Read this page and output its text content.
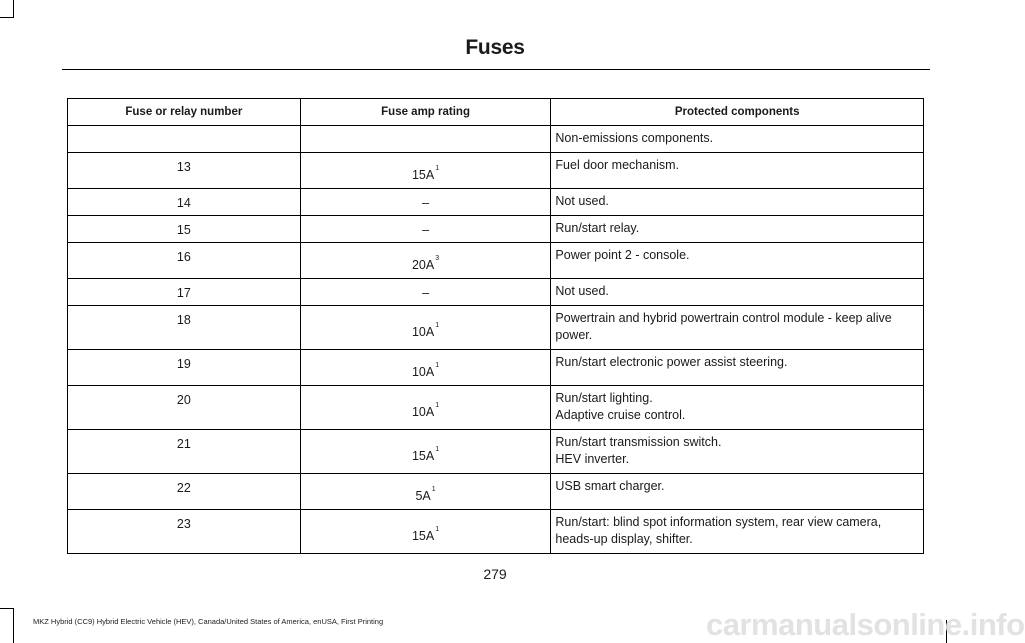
Fuses
Fuse or relay number	Fuse amp rating	Protected components

		Non-emissions components.

13	$15A^1$	Fuel door mechanism.

14	–	Not used.

15	–	Run/start relay.

16	$20A^3$	Power point 2 - console.

17	–	Not used.

18	$10A^1$	Powertrain and hybrid powertrain control module - keep alive power.

19	$10A^1$	Run/start electronic power assist steering.

20	$10A^1$	Run/start lighting.
Adaptive cruise control.

21	$15A^1$	Run/start transmission switch.
HEV inverter.

22	$5A^1$	USB smart charger.

23	$15A^1$	Run/start: blind spot information system, rear view camera, heads-up display, shifter.
279
MKZ Hybrid (CC9) Hybrid Electric Vehicle (HEV), Canada/United States of America, enUSA, First Printing	carmanualsonline.info
